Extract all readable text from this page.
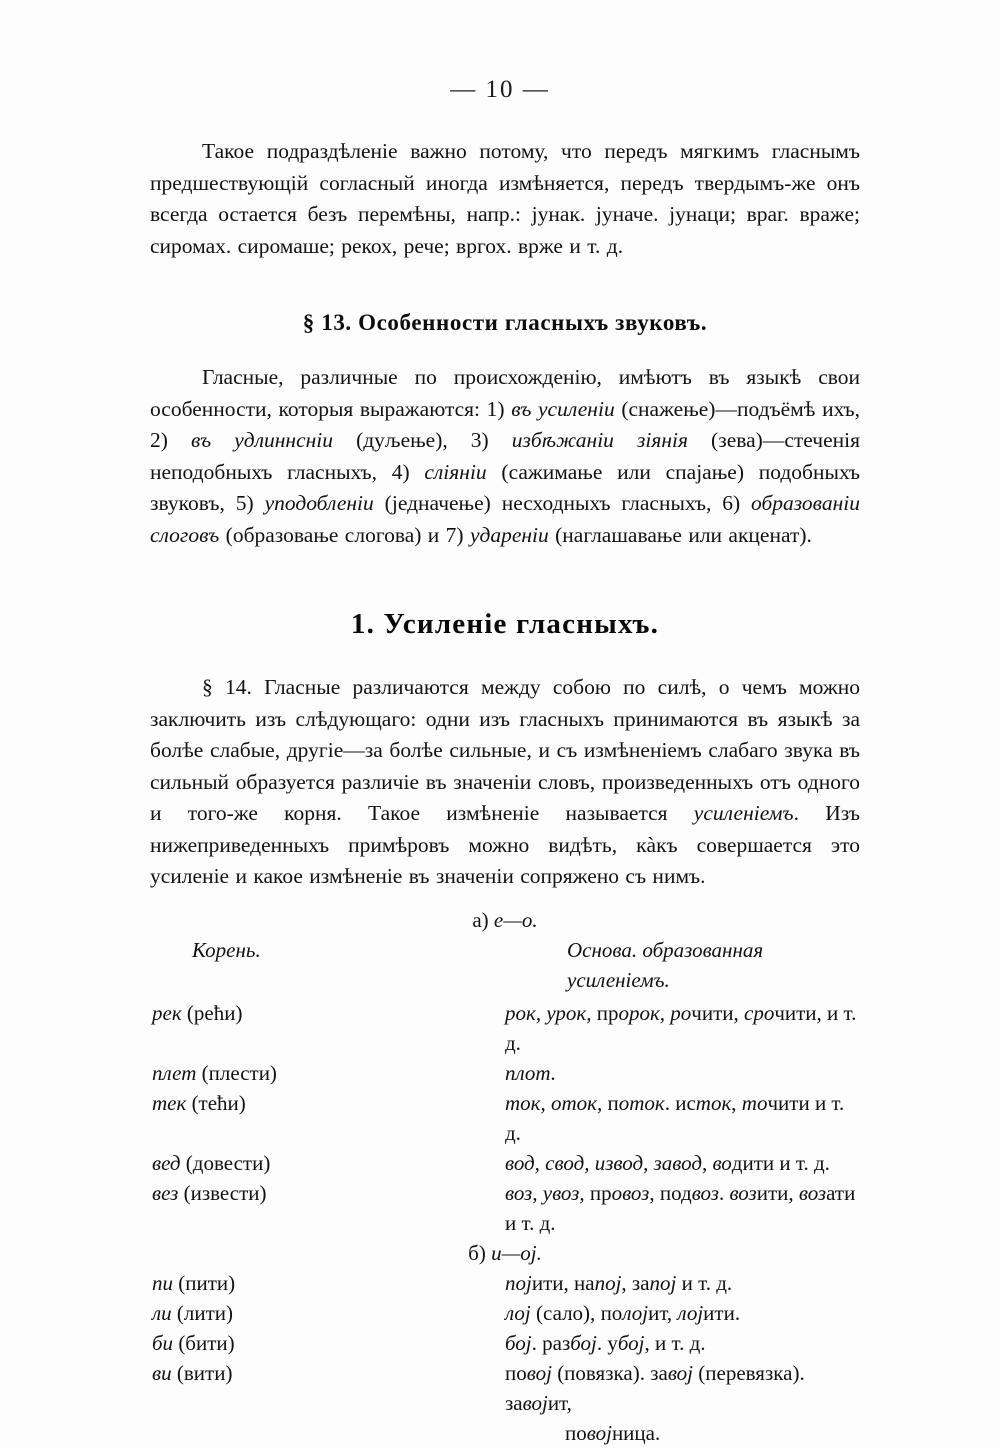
— 10 —

Такое подраздѣленіе важно потому, что передъ мягкимъ гласнымъ предшествующій согласный иногда измѣняется, передъ твердымъ-же онъ всегда остается безъ перемѣны, напр.: јунак. јуначе. јунаци; враг. враже; сиромах. сиромаше; рекох, рече; вргох. врже и т. д.

§ 13. Особенности гласныхъ звуковъ.

Гласные, различные по происхожденію, имѣютъ въ языкѣ свои особенности, которыя выражаются: 1) въ усиленіи (снажење)—подъёмѣ ихъ, 2) въ удлиннсніи (дуљење), 3) избѣжаніи зіянія (зева)—стеченія неподобныхъ гласныхъ, 4) сліяніи (сажимање или спајање) подобныхъ звуковъ, 5) уподобленіи (једначење) несходныхъ гласныхъ, 6) образованіи слоговъ (образовање слогова) и 7) удареніи (наглашавање или акценат).

1. Усиленіе гласныхъ.

§ 14. Гласные различаются между собою по силѣ, о чемъ можно заключить изъ слѣдующаго: одни изъ гласныхъ принимаются въ языкѣ за болѣе слабые, другіе—за болѣе сильные, и съ измѣненіемъ слабаго звука въ сильный образуется различіе въ значеніи словъ, произведенныхъ отъ одного и того-же корня. Такое измѣненіе называется усиленіемъ. Изъ нижеприведенныхъ примѣровъ можно видѣть, кàкъ совершается это усиленіе и какое измѣненіе въ значеніи сопряжено съ нимъ.

а) е—о.	
Корень.	Основа. образованная усиленіемъ.
рек (рећи)	рок, урок, пророк, рочити, срочити, и т. д.
плет (плести)	плот.
тек (тећи)	ток, оток, поток. исток, точити и т. д.
вед (довести)	вод, свод, извод, завод, водити и т. д.
вез (извести)	воз, увоз, провоз, подвоз. возити, возати и т. д.
б) и—ој.	
пи (пити)	појити, напој, запој и т. д.
ли (лити)	лој (сало), полојит, лојити.
би (бити)	бој. разбој. убој, и т. д.
ви (вити)	повој (повязка). завој (перевязка). завојит,
повојница.
